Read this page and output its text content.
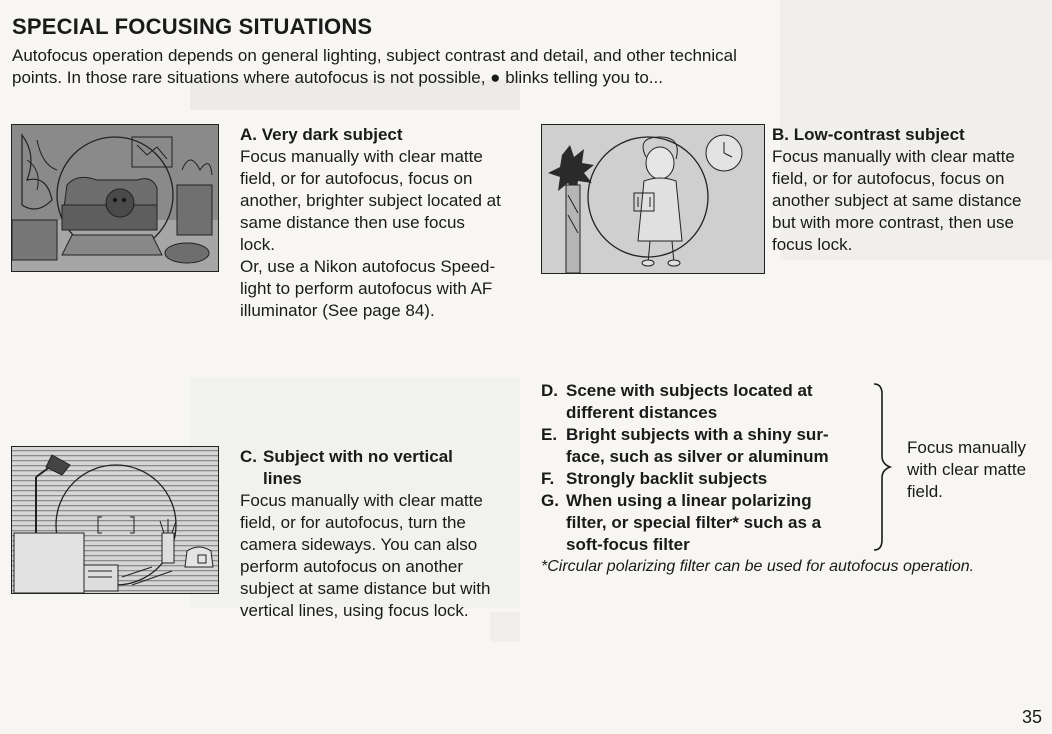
SPECIAL FOCUSING SITUATIONS
Autofocus operation depends on general lighting, subject contrast and detail, and other technical
points. In those rare situations where autofocus is not possible, ● blinks telling you to...
A. Very dark subject
Focus manually with clear matte
field, or for autofocus, focus on
another, brighter subject located at
same distance then use focus
lock.
Or, use a Nikon autofocus Speed-
light to perform autofocus with AF
illuminator (See page 84).
B. Low-contrast subject
Focus manually with clear matte
field, or for autofocus, focus on
another subject at same distance
but with more contrast, then use
focus lock.
C. Subject with no vertical
lines
Focus manually with clear matte
field, or for autofocus, turn the
camera sideways. You can also
perform autofocus on another
subject at same distance but with
vertical lines, using focus lock.
D. Scene with subjects located at
different distances
E. Bright subjects with a shiny sur-
face, such as silver or aluminum
F. Strongly backlit subjects
G. When using a linear polarizing
filter, or special filter* such as a
soft-focus filter
Focus manually
with clear matte
field.
*Circular polarizing filter can be used for autofocus operation.
35
